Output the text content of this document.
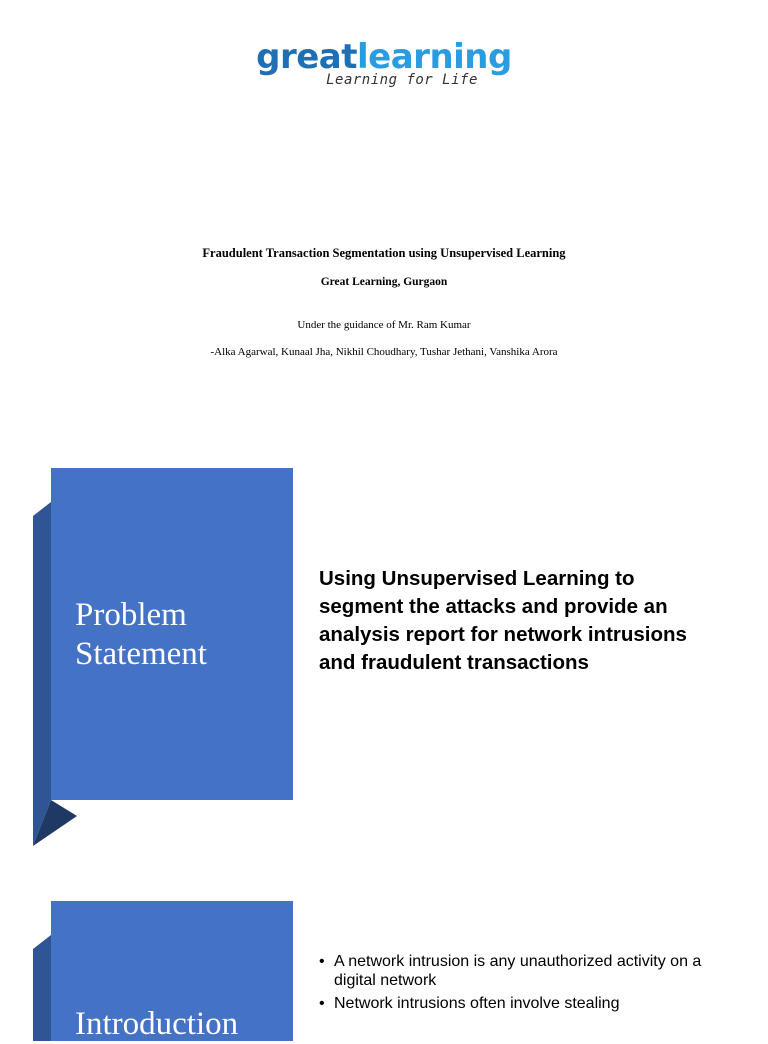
greatlearning
Learning for Life
Fraudulent Transaction Segmentation using Unsupervised Learning
Great Learning, Gurgaon
Under the guidance of Mr. Ram Kumar
-Alka Agarwal, Kunaal Jha, Nikhil Choudhary, Tushar Jethani, Vanshika Arora
Problem
Statement
Using Unsupervised Learning to segment the attacks and provide an analysis report for network intrusions and fraudulent transactions
Introduction
• A network intrusion is any unauthorized activity on a digital network
• Network intrusions often involve stealing
